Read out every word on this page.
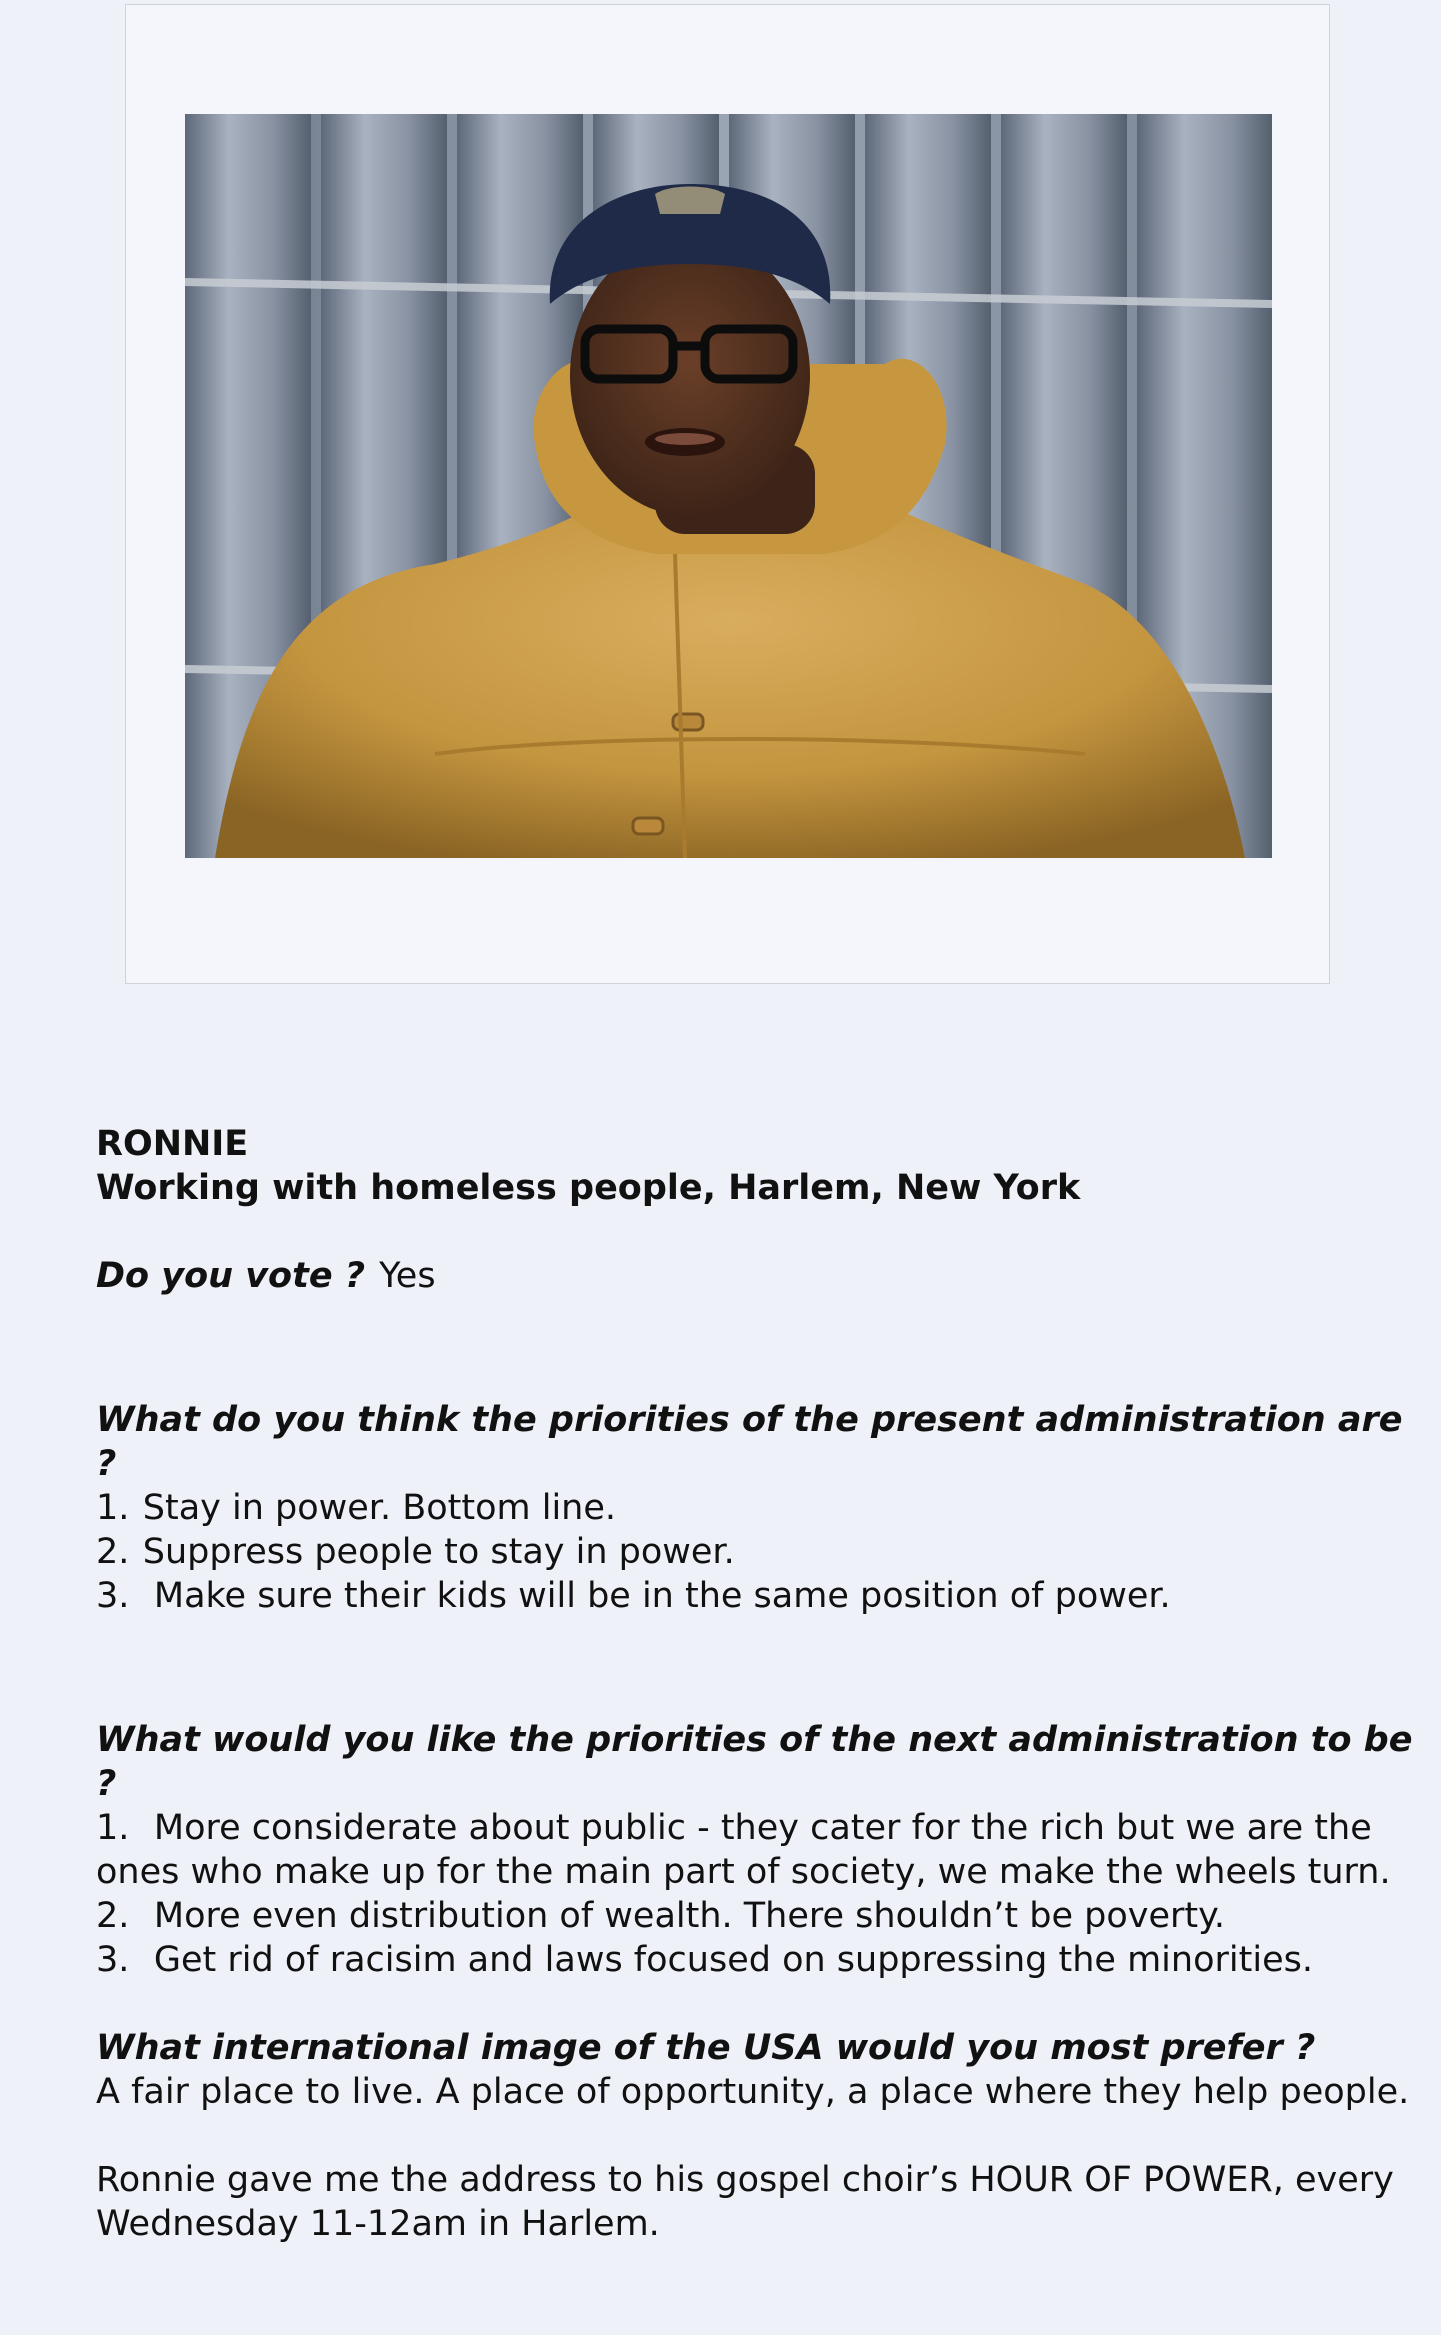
RONNIE
Working with homeless people, Harlem, New York
Do you vote ? Yes
What do you think the priorities of the present administration are ?
1. Stay in power. Bottom line.
2. Suppress people to stay in power.
3. Make sure their kids will be in the same position of power.
What would you like the priorities of the next administration to be ?
1. More considerate about public - they cater for the rich but we are the ones who make up for the main part of society, we make the wheels turn.
2. More even distribution of wealth. There shouldn’t be poverty.
3. Get rid of racisim and laws focused on suppressing the minorities.
What international image of the USA would you most prefer ?
A fair place to live. A place of opportunity, a place where they help people.
Ronnie gave me the address to his gospel choir’s HOUR OF POWER, every Wednesday 11-12am in Harlem.
